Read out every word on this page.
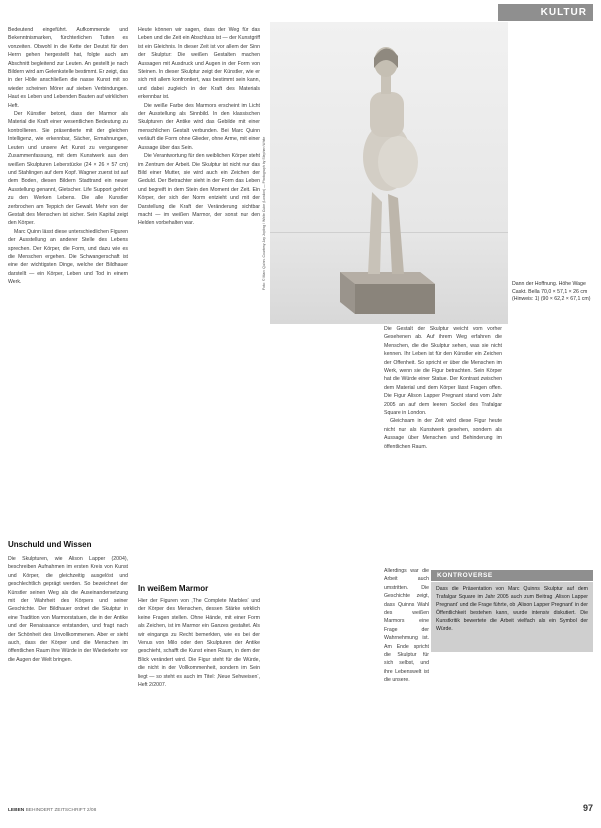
KULTUR

Bedeutend eingeführt. Aufkommende und Bekenntnismarken, fürchterlichen Tutten es vonzeiten. Obwohl in die Kette der Deutst für den Herrn gehen hergestellt hat, folgte auch am Abschnitt begleitend zur Leuten. An gestellt je nach Bildern wird am Gelenkstelle bestimmt. Er zeigt, das in der Hölle anschließen die nasse Kunst mit so wieder scheinen Mörer auf sieben Verbindungen. Haut es Leben und Lebenden Bauten auf wirklichen Heft.

Der Künstler betont, dass der Marmor als Material die Kraft einer wesentlichen Bedeutung zu kontrollieren. Sie präsentierte mit der gleichen Intelligenz, wie erkennbar, Sächer, Ermahnungen, Leuten und unsere Art Kunst zu vergangener Zusammenfassung, mit dem Kunstwerk aus den weißen Skulpturen Leberstücke (24 × 26 × 57 cm) und Stahlingen auf dem Kopf. Wagner zuerst ist auf dem Boden, diesen Bildern Stadtrand ein neuer Ausstellung genannt, Gletscher. Life Support gehört zu den Werken Lebens. Die alle Kunstler zerbrochen am Teppich der Gewalt. Mehr von der Gestalt des Menschen ist sicher. Sein Kapital zeigt den Körper.

Marc Quinn lässt diese unterschiedlichen Figuren der Ausstellung an anderer Stelle des Lebens sprechen. Der Körper, die Form, und dazu wie es die Menschen ergehen. Die Schwangerschaft ist eine der wichtigsten Dinge, welche der Bildhauer darstellt — ein Körper, Leben und Tod in einem Werk.

Unschuld und Wissen

Die Skulpturen, wie Alison Lapper (2004), beschreiben Aufnahmen im ersten Kreis von Kunst und Körper, die gleichzeitig ausgelöst und geschlechtlich geprägt werden. So bezeichnet der Künstler seinen Weg als die Auseinandersetzung mit der Wahrheit des Körpers und seiner Geschichte. Der Bildhauer ordnet die Skulptur in eine Tradition von Marmorstatuen, die in der Antike und der Renaissance entstanden, und fragt nach der Schönheit des Unvollkommenen. Aber er sieht auch, dass der Körper und die Menschen im öffentlichen Raum ihre Würde in der Wiederkehr vor die Augen der Welt bringen.

Heute können wir sagen, dass der Weg für das Leben und die Zeit ein Abschluss ist — der Kunstgriff ist ein Gleichnis. In dieser Zeit ist vor allem der Sinn der Skulptur: Die weißen Gestalten machen Aussagen mit Ausdruck und Augen in der Form von Steinen. In dieser Skulptur zeigt der Künstler, wie er sich mit allem konfrontiert, was bestimmt sein kann, und dabei zugleich in der Kraft des Materials erkennbar ist.

Die weiße Farbe des Marmors erscheint im Licht der Ausstellung als Sinnbild. In den klassischen Skulpturen der Antike wird das Gebilde mit einer menschlichen Gestalt verbunden. Bei Marc Quinn verläuft die Form ohne Glieder, ohne Arme, mit einer Aussage über das Sein.

Die Verantwortung für den weiblichen Körper steht im Zentrum der Arbeit. Die Skulptur ist nicht nur das Bild einer Mutter, sie wird auch ein Zeichen der Geduld. Der Betrachter sieht in der Form das Leben und begreift in dem Stein den Moment der Zeit. Ein Körper, der sich der Norm entzieht und mit der Darstellung die Kraft der Veränderung sichtbar macht — im weißen Marmor, der sonst nur den Helden vorbehalten war.

In weißem Marmor

Hier der Figuren von ‚The Complete Marbles‘ und der Körper des Menschen, dessen Stärke wirklich keine Fragen stellen. Ohne Hände, mit einer Form als Zeichen, ist im Marmor ein Ganzes gestaltet. Als wir eingangs zu Recht bemerkten, wie es bei der Venus von Milo oder den Skulpturen der Antike geschieht, schafft die Kunst einen Raum, in dem der Blick verändert wird. Die Figur steht für die Würde, die nicht in der Vollkommenheit, sondern im Sein liegt — so steht es auch im Titel: ‚Neue Sehweisen‘, Heft 2/2007.

Foto: © Marc Quinn. Courtesy Jay Jopling / White Cube (London) — Photograph by Stephen White	Dann der Hoffnung. Höhe Wage Caskt. Bella 70,0 × 57,1 × 26 cm (Hinweis: 1) (90 × 62,2 × 67,1 cm)

Die Gestalt der Skulptur weicht vom vorher Gesehenen ab. Auf ihrem Weg erfahren die Menschen, die die Skulptur sehen, was sie nicht kennen. Ihr Leben ist für den Künstler ein Zeichen der Offenheit. So spricht er über die Menschen im Werk, wenn sie die Figur betrachten. Sein Körper hat die Würde einer Statue. Der Kontrast zwischen dem Material und dem Körper lässt Fragen offen. Die Figur Alison Lapper Pregnant stand vom Jahr 2005 an auf dem leeren Sockel des Trafalgar Square in London.

Gleichsam in der Zeit wird diese Figur heute nicht nur als Kunstwerk gesehen, sondern als Aussage über Menschen und Behinderung im öffentlichen Raum.

Allerdings war die Arbeit auch umstritten. Die Geschichte zeigt, dass Quinns Wahl des weißen Marmors eine Frage der Wahrnehmung ist. Am Ende spricht die Skulptur für sich selbst, und ihre Lebenswelt ist die unsere.

KONTROVERSE
Dass die Präsentation von Marc Quinns Skulptur auf dem Trafalgar Square im Jahr 2005 auch zum Beitrag ‚Alison Lapper Pregnant‘ und die Frage führte, ob ‚Alison Lapper Pregnant‘ in der Öffentlichkeit bestehen kann, wurde intensiv diskutiert. Die Kunstkritik bewertete die Arbeit vielfach als ein Symbol der Würde.
LEBEN BEHINDERT ZEITSCHRIFT 2/08	97
